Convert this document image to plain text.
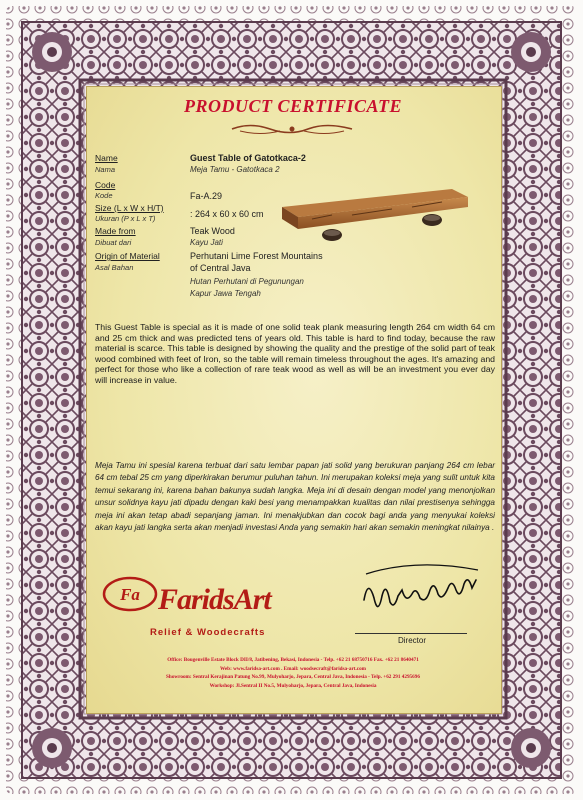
PRODUCT CERTIFICATE
Name
Nama
Guest Table of Gatotkaca-2
Meja Tamu - Gatotkaca 2
Code
Kode	Fa-A.29
Size (L x W x H/T)
Ukuran (P x L x T)	: 264 x 60 x 60 cm
Made from
Dibuat dari
Teak Wood
Kayu Jati
Origin of Material
Asal Bahan
Perhutani Lime Forest Mountains
of Central Java
Hutan Perhutani di Pegunungan
Kapur Jawa Tengah
This Guest Table is special as it is made of one solid teak plank measuring length 264 cm width 64 cm and 25 cm thick and was predicted tens of years old. This table is hard to find today, because the raw material is scarce. This table is designed by showing the quality and the prestige of the solid part of teak wood combined with feet of Iron, so the table will remain timeless throughout the ages. It's amazing and perfect for those who like a collection of rare teak wood as well as will be an investment you ever day will increase in value.
Meja Tamu ini spesial karena terbuat dari satu lembar papan jati solid yang berukuran panjang 264 cm lebar 64 cm tebal 25 cm yang diperkirakan berumur puluhan tahun. Ini merupakan koleksi meja yang sulit untuk kita temui sekarang ini, karena bahan bakunya sudah langka. Meja ini di desain dengan model yang menonjolkan unsur solidnya kayu jati dipadu dengan kaki besi yang menampakkan kualitas dan nilai prestisenya sehingga meja ini akan tetap abadi sepanjang jaman. Ini menakjubkan dan cocok bagi anda yang menyukai koleksi akan kayu jati langka serta akan menjadi investasi Anda yang semakin hari akan semakin meningkat nilainya .
Fa FaridsArt
Relief & Woodecrafts
Director
Office: Bougenville Estate Block DII/8, Jatibening, Bekasi, Indonesia - Telp. +62 21 68750716 Fax. +62 21 8640471
Web: www.faridsa-art.com . Email: woodsecraft@faridsa-art.com
Showroom: Sentral Kerajinan Patung No.99, Mulyoharjo, Jepara, Central Java, Indonesia - Telp. +62 291 4295696
Workshop: Jl.Sentral II No.5, Mulyoharjo, Jepara, Central Java, Indonesia
